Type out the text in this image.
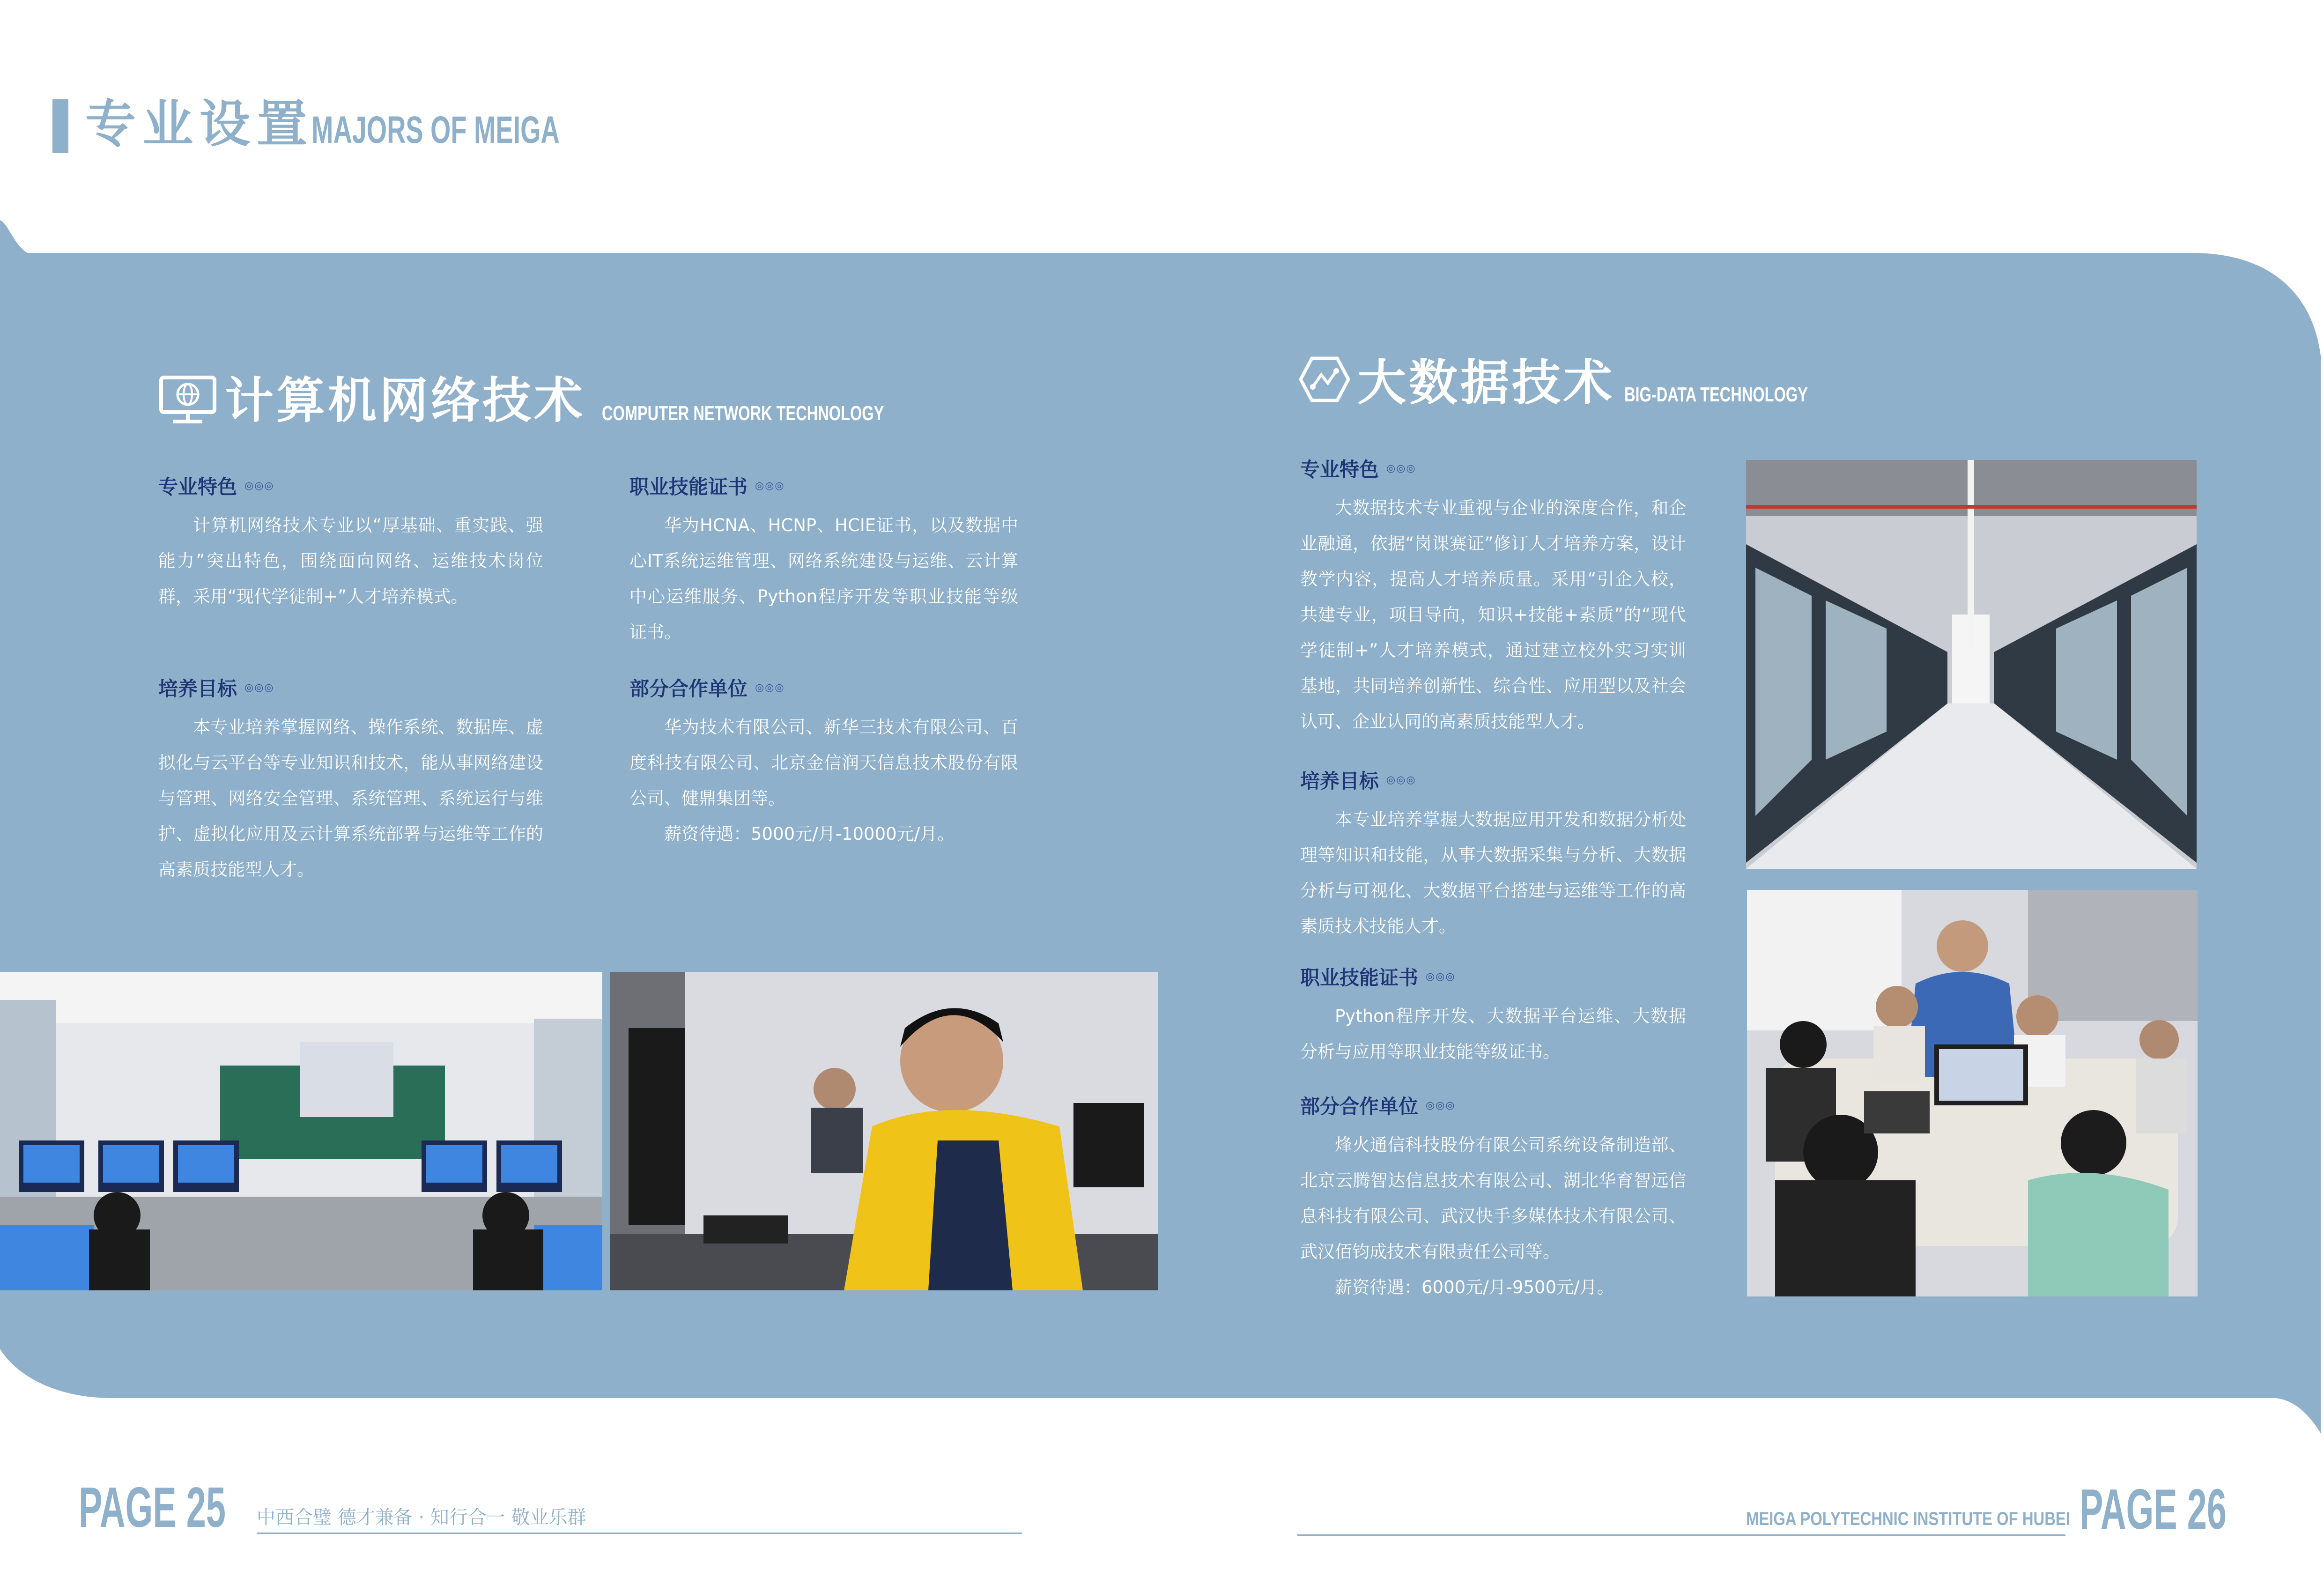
专业设置
MAJORS OF MEIGA
计算机网络技术 COMPUTER NETWORK TECHNOLOGY
专业特色 ◎◎◎
计算机网络技术专业以“厚基础、重实践、强能力”突出特色，围绕面向网络、运维技术岗位群，采用“现代学徒制+”人才培养模式。
培养目标 ◎◎◎
本专业培养掌握网络、操作系统、数据库、虚拟化与云平台等专业知识和技术，能从事网络建设与管理、网络安全管理、系统管理、系统运行与维护、虚拟化应用及云计算系统部署与运维等工作的高素质技能型人才。
职业技能证书 ◎◎◎
华为HCNA、HCNP、HCIE证书，以及数据中心IT系统运维管理、网络系统建设与运维、云计算中心运维服务、Python程序开发等职业技能等级证书。
部分合作单位 ◎◎◎
华为技术有限公司、新华三技术有限公司、百度科技有限公司、北京金信润天信息技术股份有限公司、健鼎集团等。
薪资待遇：5000元/月-10000元/月。
大数据技术 BIG-DATA TECHNOLOGY
专业特色 ◎◎◎
大数据技术专业重视与企业的深度合作，和企业融通，依据“岗课赛证”修订人才培养方案，设计教学内容，提高人才培养质量。采用“引企入校，共建专业，项目导向，知识+技能+素质”的“现代学徒制+”人才培养模式，通过建立校外实习实训基地，共同培养创新性、综合性、应用型以及社会认可、企业认同的高素质技能型人才。
培养目标 ◎◎◎
本专业培养掌握大数据应用开发和数据分析处理等知识和技能，从事大数据采集与分析、大数据分析与可视化、大数据平台搭建与运维等工作的高素质技术技能人才。
职业技能证书 ◎◎◎
Python程序开发、大数据平台运维、大数据分析与应用等职业技能等级证书。
部分合作单位 ◎◎◎
烽火通信科技股份有限公司系统设备制造部、北京云腾智达信息技术有限公司、湖北华育智远信息科技有限公司、武汉快手多媒体技术有限公司、武汉佰钧成技术有限责任公司等。
薪资待遇：6000元/月-9500元/月。
PAGE 25 中西合璧 德才兼备 · 知行合一 敬业乐群	MEIGA POLYTECHNIC INSTITUTE OF HUBEI PAGE 26
